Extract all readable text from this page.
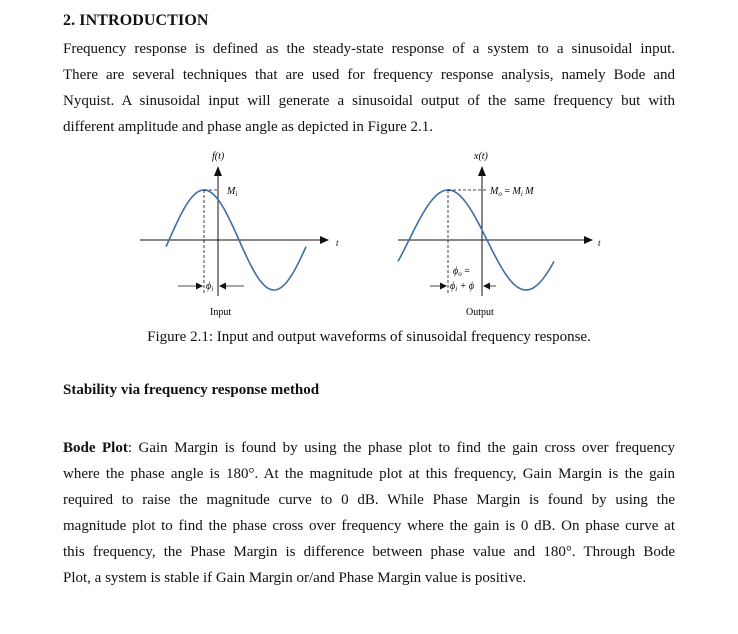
2. INTRODUCTION

Frequency response is defined as the steady-state response of a system to a sinusoidal input.
There are several techniques that are used for frequency response analysis, namely Bode and
Nyquist. A sinusoidal input will generate a sinusoidal output of the same frequency but with
different amplitude and phase angle as depicted in Figure 2.1.

f(t)
t
$M_i$
$\phi_i$
Input
x(t)
t
$M_o = M_i$ M
$\phi_o$ =
$\phi_i + \phi$
Output
Figure 2.1: Input and output waveforms of sinusoidal frequency response.
Stability via frequency response method

Bode Plot: Gain Margin is found by using the phase plot to find the gain cross over frequency
where the phase angle is 180°. At the magnitude plot at this frequency, Gain Margin is the gain
required to raise the magnitude curve to 0 dB. While Phase Margin is found by using the
magnitude plot to find the phase cross over frequency where the gain is 0 dB. On phase curve at
this frequency, the Phase Margin is difference between phase value and 180°. Through Bode
Plot, a system is stable if Gain Margin or/and Phase Margin value is positive.
